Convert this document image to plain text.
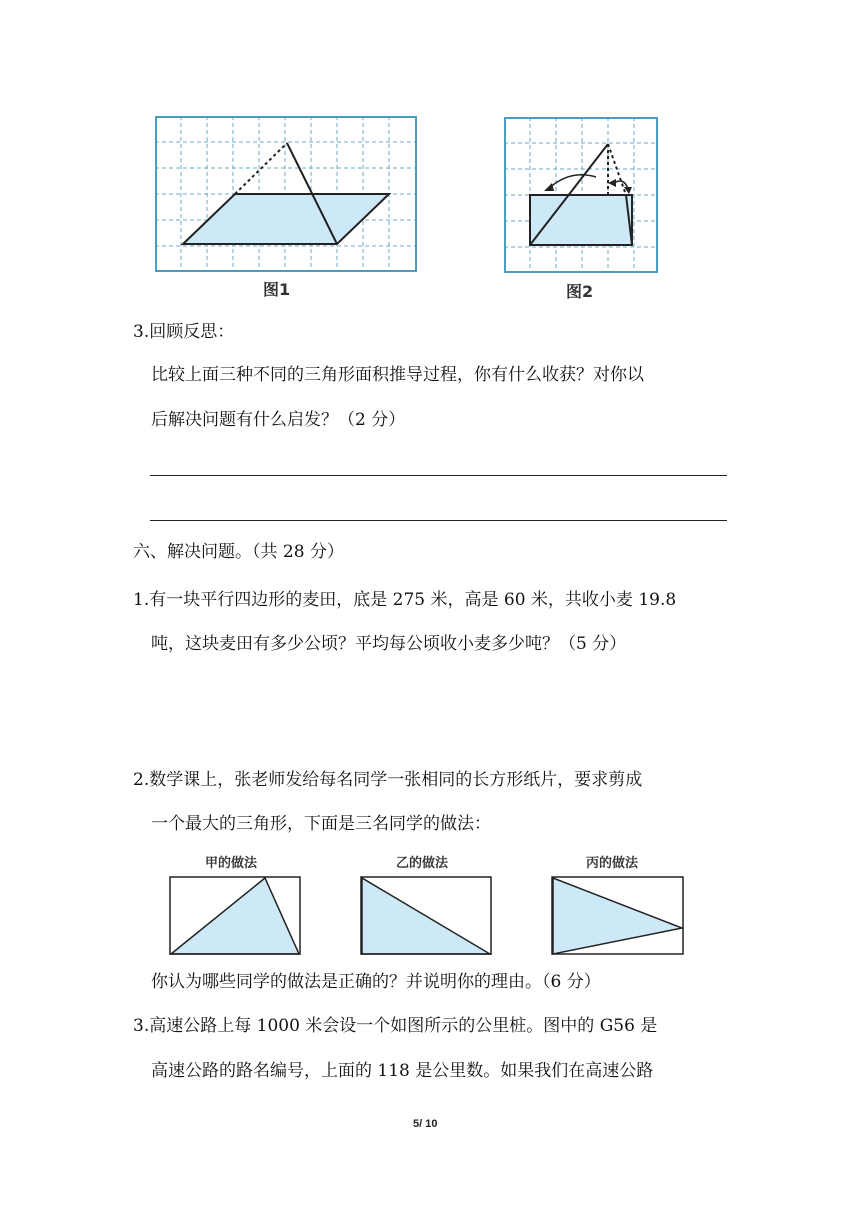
图1	图2
3.回顾反思：
比较上面三种不同的三角形面积推导过程，你有什么收获？对你以
后解决问题有什么启发？（2 分）
六、解决问题。（共 28 分）
1.有一块平行四边形的麦田，底是 275 米，高是 60 米，共收小麦 19.8
吨，这块麦田有多少公顷？平均每公顷收小麦多少吨？（5 分）
2.数学课上，张老师发给每名同学一张相同的长方形纸片，要求剪成
一个最大的三角形，下面是三名同学的做法：
甲的做法	乙的做法	丙的做法
你认为哪些同学的做法是正确的？并说明你的理由。（6 分）
3.高速公路上每 1000 米会设一个如图所示的公里桩。图中的 G56 是
高速公路的路名编号，上面的 118 是公里数。如果我们在高速公路
5/ 10
